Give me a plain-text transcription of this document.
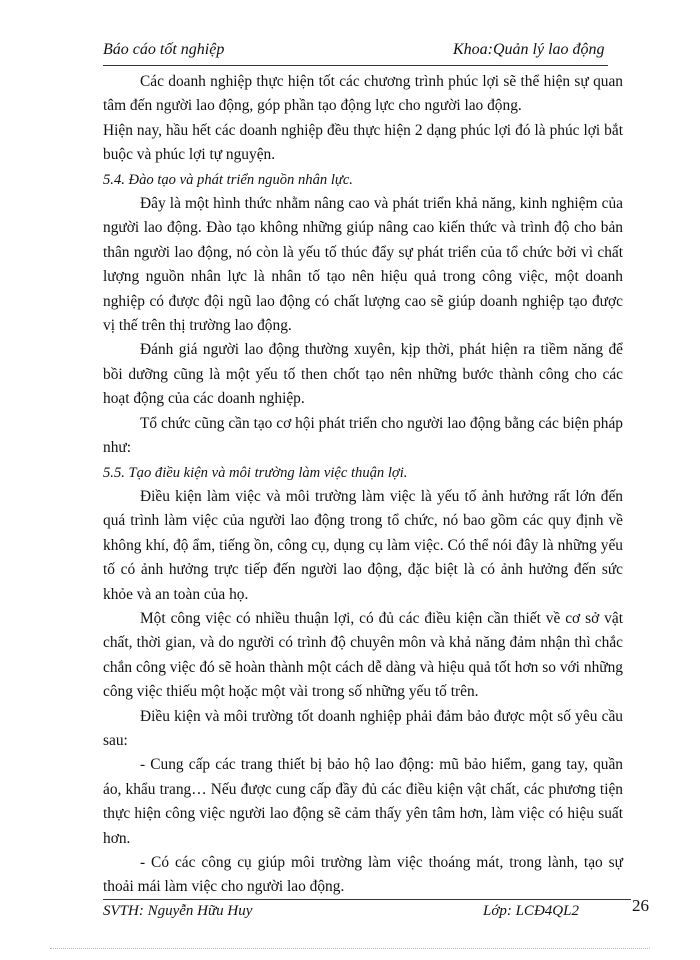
Báo cáo tốt nghiệp	Khoa:Quản lý lao động

Các doanh nghiệp thực hiện tốt các chương trình phúc lợi sẽ thể hiện sự quan tâm đến người lao động, góp phần tạo động lực cho người lao động.

Hiện nay, hầu hết các doanh nghiệp đều thực hiện 2 dạng phúc lợi đó là phúc lợi bắt buộc và phúc lợi tự nguyện.

5.4. Đào tạo và phát triển nguồn nhân lực.

Đây là một hình thức nhằm nâng cao và phát triển khả năng, kinh nghiệm của người lao động. Đào tạo không những giúp nâng cao kiến thức và trình độ cho bản thân người lao động, nó còn là yếu tố thúc đẩy sự phát triển của tổ chức bởi vì chất lượng nguồn nhân lực là nhân tố tạo nên hiệu quả trong công việc, một doanh nghiệp có được đội ngũ lao động có chất lượng cao sẽ giúp doanh nghiệp tạo được vị thế trên thị trường lao động.

Đánh giá người lao động thường xuyên, kịp thời, phát hiện ra tiềm năng để bồi dưỡng cũng là một yếu tố then chốt tạo nên những bước thành công cho các hoạt động của các doanh nghiệp.

Tổ chức cũng cần tạo cơ hội phát triển cho người lao động bằng các biện pháp như:

5.5. Tạo điều kiện và môi trường làm việc thuận lợi.

Điều kiện làm việc và môi trường làm việc là yếu tố ảnh hưởng rất lớn đến quá trình làm việc của người lao động trong tổ chức, nó bao gồm các quy định về không khí, độ ẩm, tiếng ồn, công cụ, dụng cụ làm việc. Có thể nói đây là những yếu tố có ảnh hưởng trực tiếp đến người lao động, đặc biệt là có ảnh hưởng đến sức khỏe và an toàn của họ.

Một công việc có nhiều thuận lợi, có đủ các điều kiện cần thiết về cơ sở vật chất, thời gian, và do người có trình độ chuyên môn và khả năng đảm nhận thì chắc chắn công việc đó sẽ hoàn thành một cách dễ dàng và hiệu quả tốt hơn so với những công việc thiếu một hoặc một vài trong số những yếu tố trên.

Điều kiện và môi trường tốt doanh nghiệp phải đảm bảo được một số yêu cầu sau:

- Cung cấp các trang thiết bị bảo hộ lao động: mũ bảo hiểm, gang tay, quần áo, khẩu trang… Nếu được cung cấp đầy đủ các điều kiện vật chất, các phương tiện thực hiện công việc người lao động sẽ cảm thấy yên tâm hơn, làm việc có hiệu suất hơn.

- Có các công cụ giúp môi trường làm việc thoáng mát, trong lành, tạo sự thoải mái làm việc cho người lao động.

SVTH: Nguyễn Hữu Huy	Lớp: LCĐ4QL2	26
